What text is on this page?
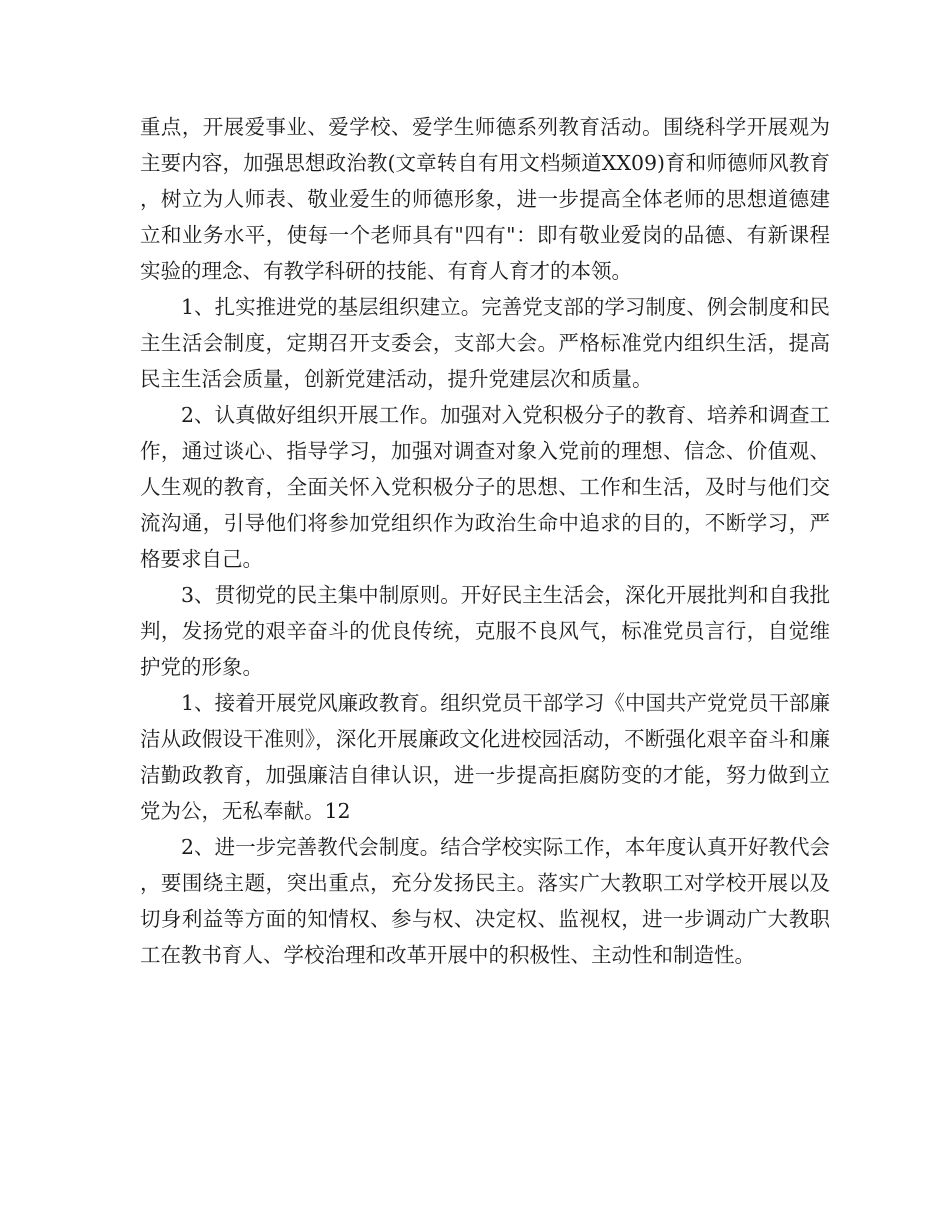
重点，开展爱事业、爱学校、爱学生师德系列教育活动。围绕科学开展观为主要内容，加强思想政治教(文章转自有用文档频道XX09)育和师德师风教育，树立为人师表、敬业爱生的师德形象，进一步提高全体老师的思想道德建立和业务水平，使每一个老师具有"四有"：即有敬业爱岗的品德、有新课程实验的理念、有教学科研的技能、有育人育才的本领。

1、扎实推进党的基层组织建立。完善党支部的学习制度、例会制度和民主生活会制度，定期召开支委会，支部大会。严格标准党内组织生活，提高民主生活会质量，创新党建活动，提升党建层次和质量。

2、认真做好组织开展工作。加强对入党积极分子的教育、培养和调查工作，通过谈心、指导学习，加强对调查对象入党前的理想、信念、价值观、人生观的教育，全面关怀入党积极分子的思想、工作和生活，及时与他们交流沟通，引导他们将参加党组织作为政治生命中追求的目的，不断学习，严格要求自己。

3、贯彻党的民主集中制原则。开好民主生活会，深化开展批判和自我批判，发扬党的艰辛奋斗的优良传统，克服不良风气，标准党员言行，自觉维护党的形象。

1、接着开展党风廉政教育。组织党员干部学习《中国共产党党员干部廉洁从政假设干准则》，深化开展廉政文化进校园活动，不断强化艰辛奋斗和廉洁勤政教育，加强廉洁自律认识，进一步提高拒腐防变的才能，努力做到立党为公，无私奉献。12

2、进一步完善教代会制度。结合学校实际工作，本年度认真开好教代会，要围绕主题，突出重点，充分发扬民主。落实广大教职工对学校开展以及切身利益等方面的知情权、参与权、决定权、监视权，进一步调动广大教职工在教书育人、学校治理和改革开展中的积极性、主动性和制造性。
